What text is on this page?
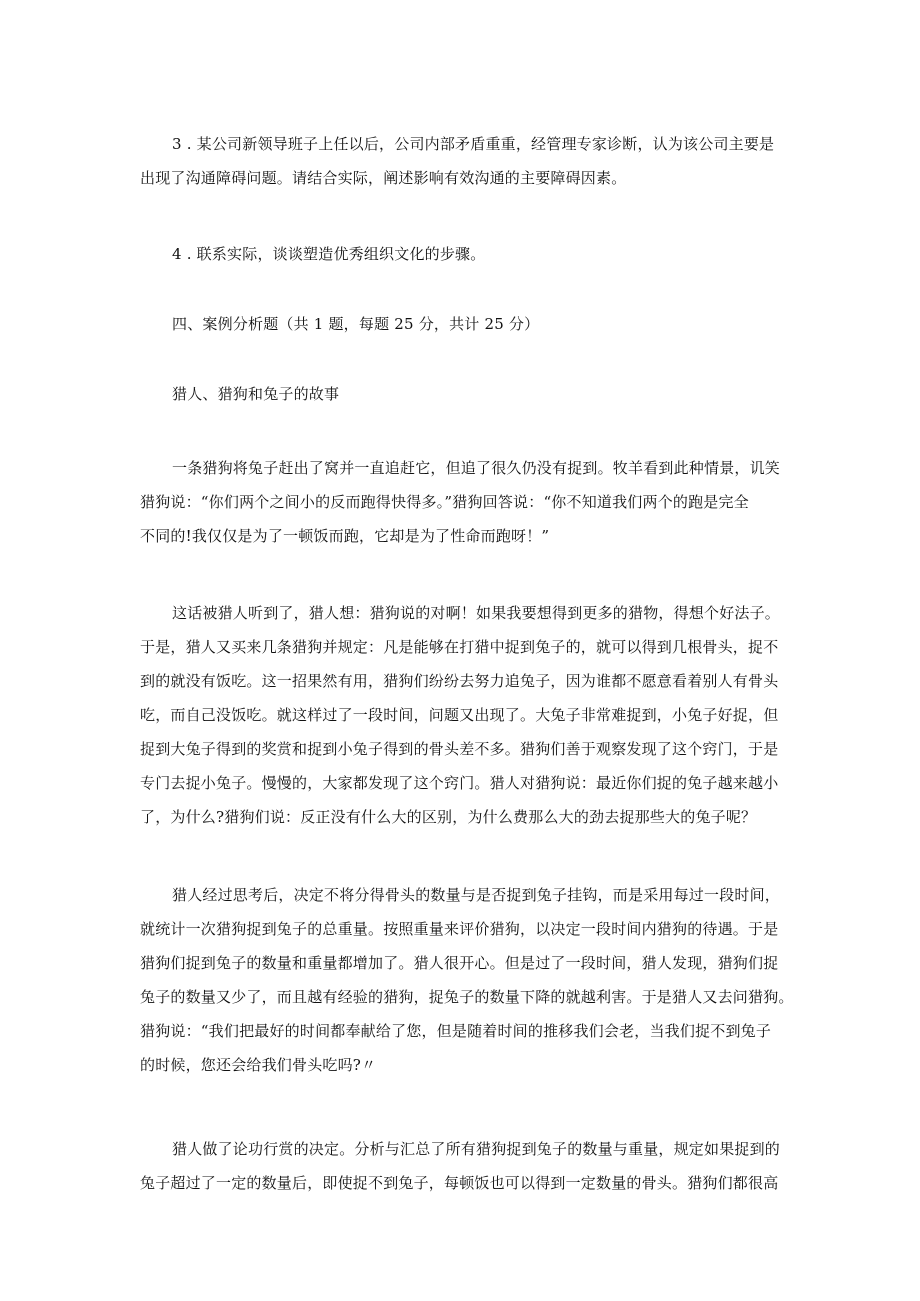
3 . 某公司新领导班子上任以后，公司内部矛盾重重，经管理专家诊断，认为该公司主要是
出现了沟通障碍问题。请结合实际，阐述影响有效沟通的主要障碍因素。
4 . 联系实际，谈谈塑造优秀组织文化的步骤。
四、案例分析题（共 1 题，每题 25 分，共计 25 分）
猎人、猎狗和兔子的故事
一条猎狗将兔子赶出了窝并一直追赶它，但追了很久仍没有捉到。牧羊看到此种情景，讥笑
猎狗说：“你们两个之间小的反而跑得快得多。”猎狗回答说：“你不知道我们两个的跑是完全
不同的!我仅仅是为了一顿饭而跑，它却是为了性命而跑呀！”
这话被猎人听到了，猎人想：猎狗说的对啊！如果我要想得到更多的猎物，得想个好法子。
于是，猎人又买来几条猎狗并规定：凡是能够在打猎中捉到兔子的，就可以得到几根骨头，捉不
到的就没有饭吃。这一招果然有用，猎狗们纷纷去努力追兔子，因为谁都不愿意看着别人有骨头
吃，而自己没饭吃。就这样过了一段时间，问题又出现了。大兔子非常难捉到，小兔子好捉，但
捉到大兔子得到的奖赏和捉到小兔子得到的骨头差不多。猎狗们善于观察发现了这个窍门，于是
专门去捉小兔子。慢慢的，大家都发现了这个窍门。猎人对猎狗说：最近你们捉的兔子越来越小
了，为什么?猎狗们说：反正没有什么大的区别，为什么费那么大的劲去捉那些大的兔子呢？
猎人经过思考后，决定不将分得骨头的数量与是否捉到兔子挂钩，而是采用每过一段时间，
就统计一次猎狗捉到兔子的总重量。按照重量来评价猎狗，以决定一段时间内猎狗的待遇。于是
猎狗们捉到兔子的数量和重量都增加了。猎人很开心。但是过了一段时间，猎人发现，猎狗们捉
兔子的数量又少了，而且越有经验的猎狗，捉兔子的数量下降的就越利害。于是猎人又去问猎狗。
猎狗说：“我们把最好的时间都奉献给了您，但是随着时间的推移我们会老，当我们捉不到兔子
的时候，您还会给我们骨头吃吗?〃
猎人做了论功行赏的决定。分析与汇总了所有猎狗捉到兔子的数量与重量，规定如果捉到的
兔子超过了一定的数量后，即使捉不到兔子，每顿饭也可以得到一定数量的骨头。猎狗们都很高
